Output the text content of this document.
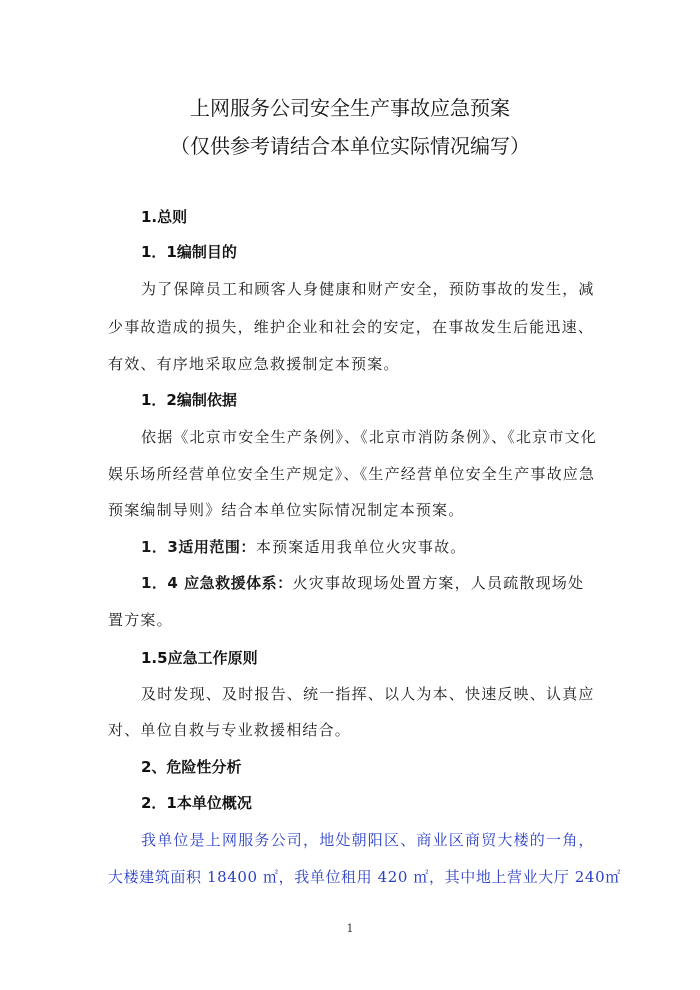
上网服务公司安全生产事故应急预案
（仅供参考请结合本单位实际情况编写）
1.总则
1．1编制目的
为了保障员工和顾客人身健康和财产安全，预防事故的发生，减
少事故造成的损失，维护企业和社会的安定，在事故发生后能迅速、
有效、有序地采取应急救援制定本预案。
1．2编制依据
依据《北京市安全生产条例》、《北京市消防条例》、《北京市文化
娱乐场所经营单位安全生产规定》、《生产经营单位安全生产事故应急
预案编制导则》结合本单位实际情况制定本预案。
1．3适用范围：本预案适用我单位火灾事故。
1．4 应急救援体系：火灾事故现场处置方案，人员疏散现场处
置方案。
1.5应急工作原则
及时发现、及时报告、统一指挥、以人为本、快速反映、认真应
对、单位自救与专业救援相结合。
2、危险性分析
2．1本单位概况
我单位是上网服务公司，地处朝阳区、商业区商贸大楼的一角，
大楼建筑面积 18400 ㎡，我单位租用 420 ㎡，其中地上营业大厅 240㎡
1
